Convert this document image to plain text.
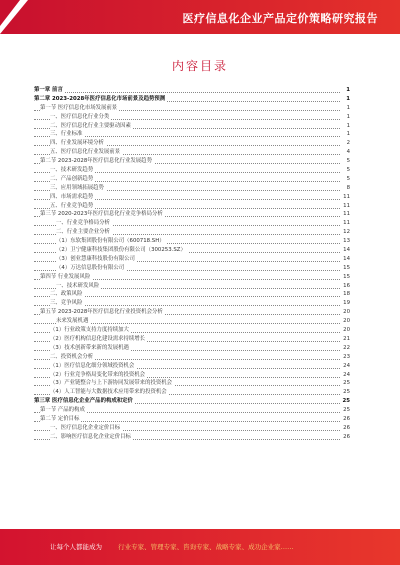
医疗信息化企业产品定价策略研究报告
内容目录
第一章 前言	1
第二章 2023-2028年医疗信息化市场前景及趋势预测	1
第一节 医疗信息化市场发展前景	1
一、医疗信息化行业分类	1
二、医疗信息化行业主要驱动因素	1
三、行业标准	1
四、行业发展环境分析	2
五、医疗信息化行业发展前景	4
第二节 2023-2028年医疗信息化行业发展趋势	5
一、技术研发趋势	5
二、产品创新趋势	5
三、应用领域拓展趋势	8
四、市场需求趋势	11
五、行业竞争趋势	11
第三节 2020-2023年医疗信息化行业竞争格局分析	11
一、行业竞争格局分析	11
二、行业主要企业分析	12
（1）东软集团股份有限公司（600718.SH）	13
（2）卫宁健康科技集团股份有限公司（300253.SZ）	14
（3）创业慧康科技股份有限公司	14
（4）万达信息股份有限公司	15
第四节 行业发展风险	15
一、技术研发风险	16
二、政策风险	18
三、竞争风险	19
第五节 2023-2028年医疗信息化行业投资机会分析	20
未来发展机遇	20
（1）行业政策支持力度持续加大	20
（2）医疗机构信息化建设需求持续增长	21
（3）技术创新带来新的发展机遇	22
二、投资机会分析	23
（1）医疗信息化细分领域投资机会	24
（2）行业竞争格局变化带来的投资机会	24
（3）产业链整合与上下游协同发展带来的投资机会	25
（4）人工智能与大数据技术应用带来的投资机会	25
第三章 医疗信息化企业产品的构成和定价	25
第一节 产品的构成	25
第二节 定价目标	26
一、医疗信息化企业定价目标	26
二、影响医疗信息化企业定价目标	26
让每个人都能成为 行业专家、管理专家、咨询专家、战略专家、成功企业家……
